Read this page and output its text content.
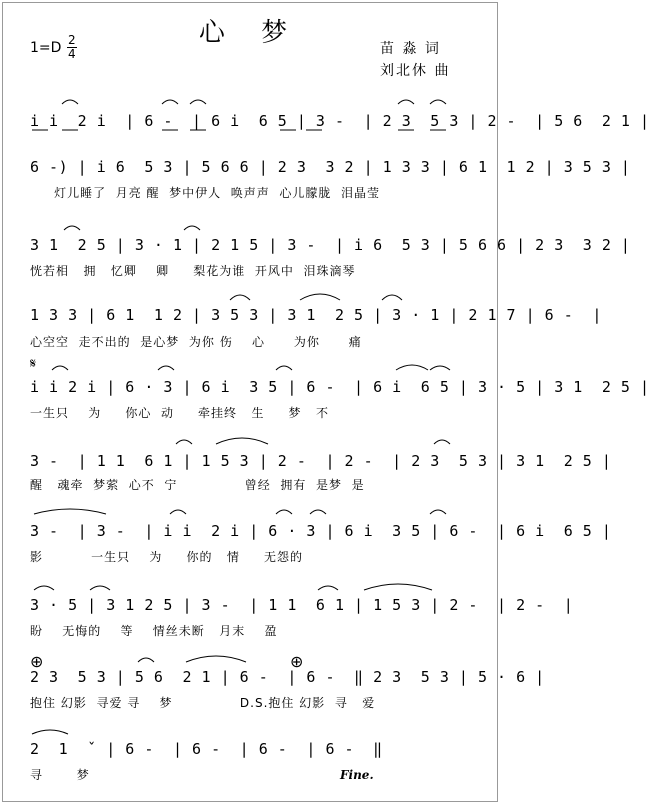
心 梦
1=D 2
4	苗 淼 词
刘北休 曲
i i  2 i  | 6 -  | 6 i  6 5 | 3 -  | 2 3  5 3 | 2 -  | 5 6  2 1 |
6 -) | i 6  5 3 | 5 6 6 | 2 3  3 2 | 1 3 3 | 6 1  1 2 | 3 5 3 |
灯儿睡了  月亮 醒  梦中伊人  唤声声  心儿朦胧  泪晶莹
3 1  2 5 | 3 · 1 | 2 1 5 | 3 -  | i 6  5 3 | 5 6 6 | 2 3  3 2 |
恍若相   拥   忆卿    卿     梨花为谁  开风中  泪珠滴琴
1 3 3 | 6 1  1 2 | 3 5 3 | 3 1  2 5 | 3 · 1 | 2 1 7 | 6 -  |
心空空  走不出的  是心梦  为你 伤    心      为你      痛
𝄋
i i 2 i | 6 · 3 | 6 i  3 5 | 6 -  | 6 i  6 5 | 3 · 5 | 3 1  2 5 |
一生只    为     你心  动     牵挂终   生     梦   不
3 -  | 1 1  6 1 | 1 5 3 | 2 -  | 2 -  | 2 3  5 3 | 3 1  2 5 |
醒   魂牵  梦萦  心不  宁              曾经  拥有  是梦  是
3 -  | 3 -  | i i  2 i | 6 · 3 | 6 i  3 5 | 6 -  | 6 i  6 5 |
影          一生只    为     你的   情     无怨的
3 · 5 | 3 1 2 5 | 3 -  | 1 1  6 1 | 1 5 3 | 2 -  | 2 -  |
盼    无悔的    等    情丝未断   月末    盈
⊕	⊕
2 3  5 3 | 5 6  2 1 | 6 -  | 6 -  ‖ 2 3  5 3 | 5 · 6 |
抱住 幻影  寻爱 寻    梦              D.S.抱住 幻影  寻   爱
2  1  ˇ | 6 -  | 6 -  | 6 -  | 6 -  ‖
寻       梦	Fine.
